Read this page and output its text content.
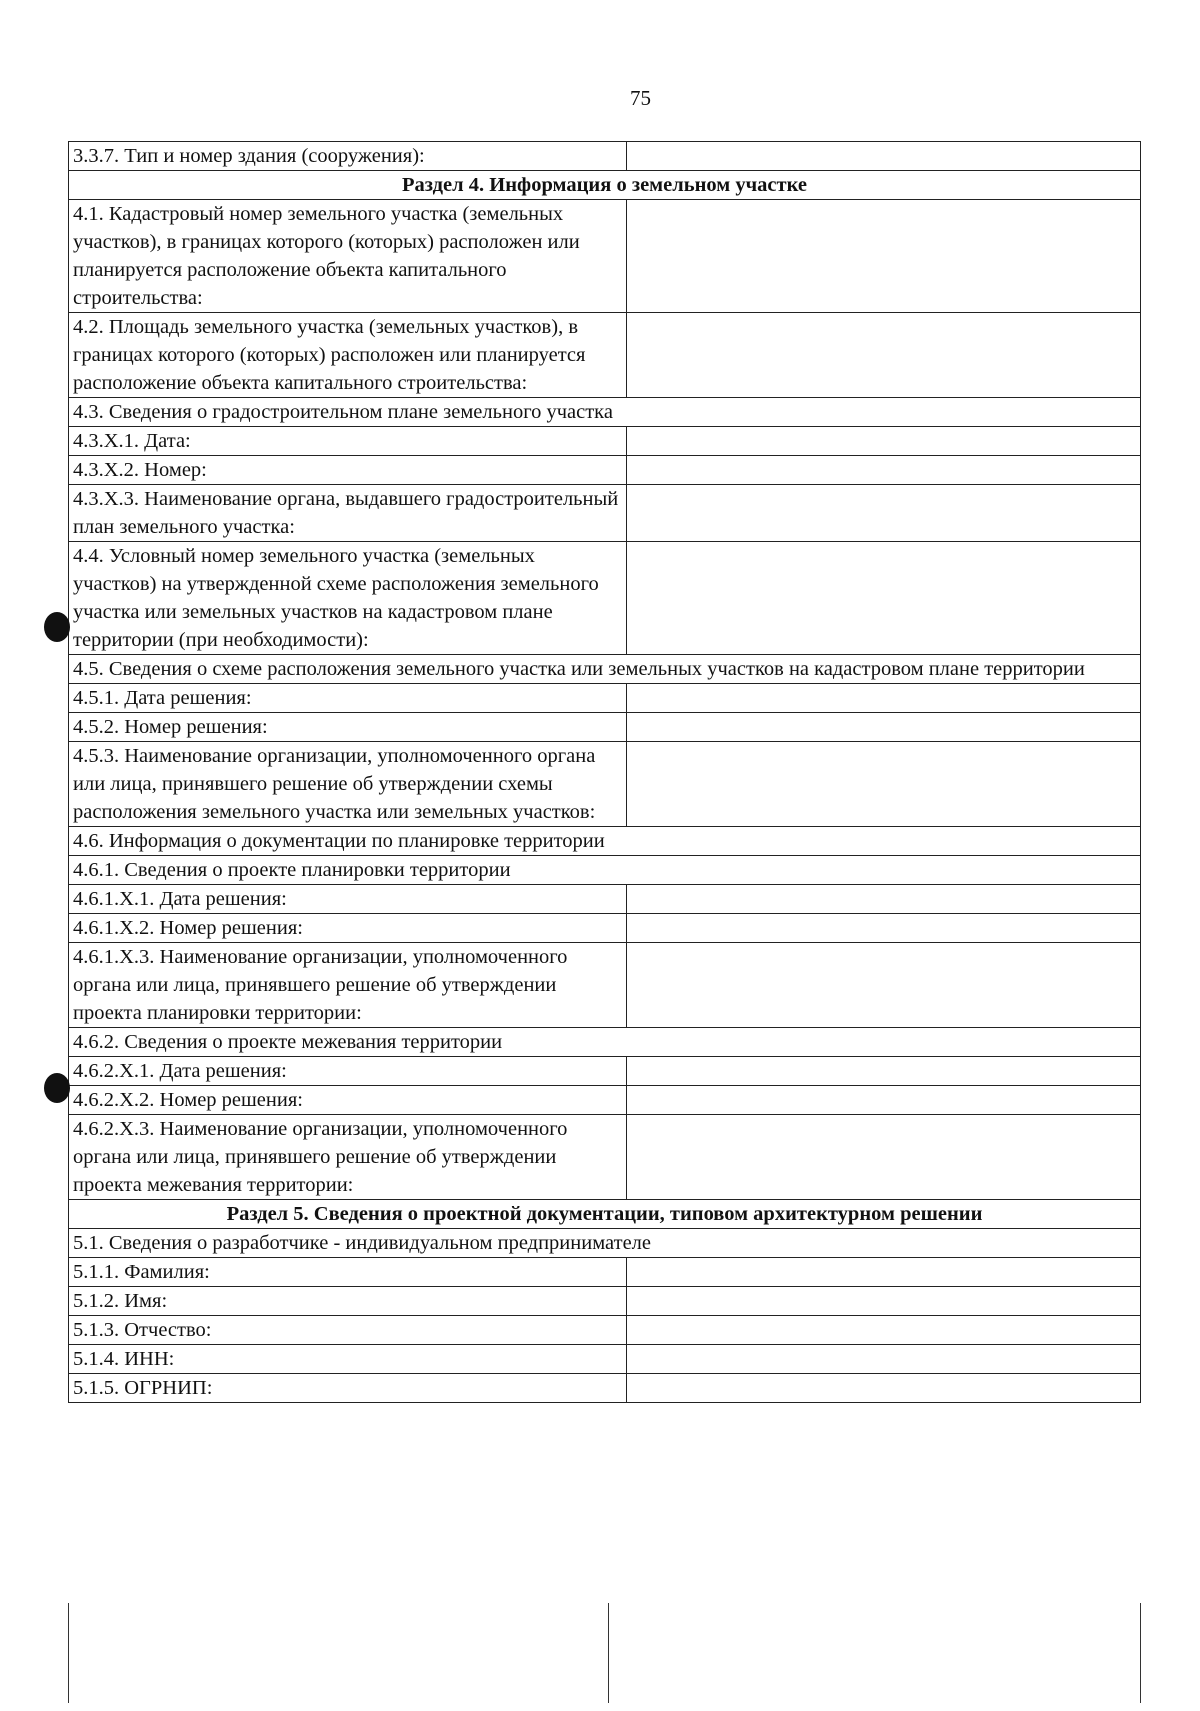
75
3.3.7. Тип и номер здания (сооружения):	
Раздел 4. Информация о земельном участке	
4.1. Кадастровый номер земельного участка (земельных участков), в границах которого (которых) расположен или планируется расположение объекта капитального строительства:	
4.2. Площадь земельного участка (земельных участков), в границах которого (которых) расположен или планируется расположение объекта капитального строительства:	
4.3. Сведения о градостроительном плане земельного участка	
4.3.X.1. Дата:	
4.3.X.2. Номер:	
4.3.X.3. Наименование органа, выдавшего градостроительный план земельного участка:	
4.4. Условный номер земельного участка (земельных участков) на утвержденной схеме расположения земельного участка или земельных участков на кадастровом плане территории (при необходимости):	
4.5. Сведения о схеме расположения земельного участка или земельных участков на кадастровом плане территории	
4.5.1. Дата решения:	
4.5.2. Номер решения:	
4.5.3. Наименование организации, уполномоченного органа или лица, принявшего решение об утверждении схемы расположения земельного участка или земельных участков:	
4.6. Информация о документации по планировке территории	
4.6.1. Сведения о проекте планировки территории	
4.6.1.X.1. Дата решения:	
4.6.1.X.2. Номер решения:	
4.6.1.X.3. Наименование организации, уполномоченного органа или лица, принявшего решение об утверждении проекта планировки территории:	
4.6.2. Сведения о проекте межевания территории	
4.6.2.X.1. Дата решения:	
4.6.2.X.2. Номер решения:	
4.6.2.X.3. Наименование организации, уполномоченного органа или лица, принявшего решение об утверждении проекта межевания территории:	
Раздел 5. Сведения о проектной документации, типовом архитектурном решении	
5.1. Сведения о разработчике - индивидуальном предпринимателе	
5.1.1. Фамилия:	
5.1.2. Имя:	
5.1.3. Отчество:	
5.1.4. ИНН:	
5.1.5. ОГРНИП:	
